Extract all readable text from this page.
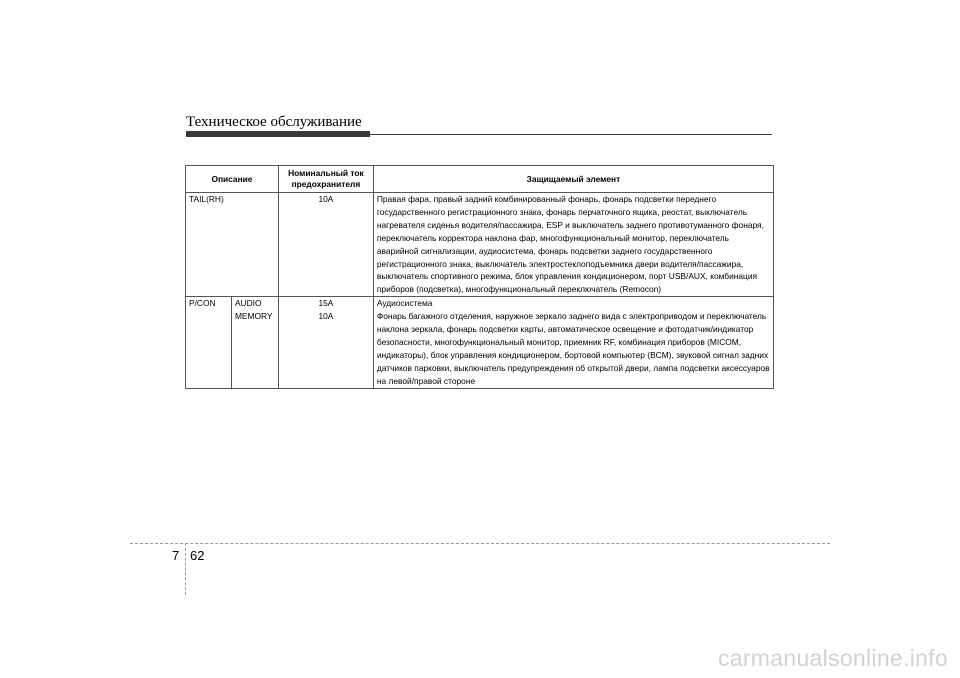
Техническое обслуживание
Описание		Номинальный ток предохранителя	Защищаемый элемент
TAIL(RH)		10A	Правая фара, правый задний комбинированный фонарь, фонарь подсветки переднего государственного регистрационного знака, фонарь перчаточного ящика, реостат, выключатель нагревателя сиденья водителя/пассажира, ESP и выключатель заднего противотуманного фонаря, переключатель корректора наклона фар, многофункциональный монитор, переключатель аварийной сигнализации, аудиосистема, фонарь подсветки заднего государственного регистрационного знака, выключатель электростеклоподъемника двери водителя/пассажира, выключатель спортивного режима, блок управления кондиционером, порт USB/AUX, комбинация приборов (подсветка), многофункциональный переключатель (Remocon)
P/CON	AUDIO	15A	Аудиосистема
	MEMORY	10A	Фонарь багажного отделения, наружное зеркало заднего вида с электроприводом и переключатель наклона зеркала, фонарь подсветки карты, автоматическое освещение и фотодатчик/индикатор безопасности, многофункциональный монитор, приемник RF, комбинация приборов (MICOM, индикаторы), блок управления кондиционером, бортовой компьютер (BCM), звуковой сигнал задних датчиков парковки, выключатель предупреждения об открытой двери, лампа подсветки аксессуаров на левой/правой стороне
7 62
carmanualsonline.info
